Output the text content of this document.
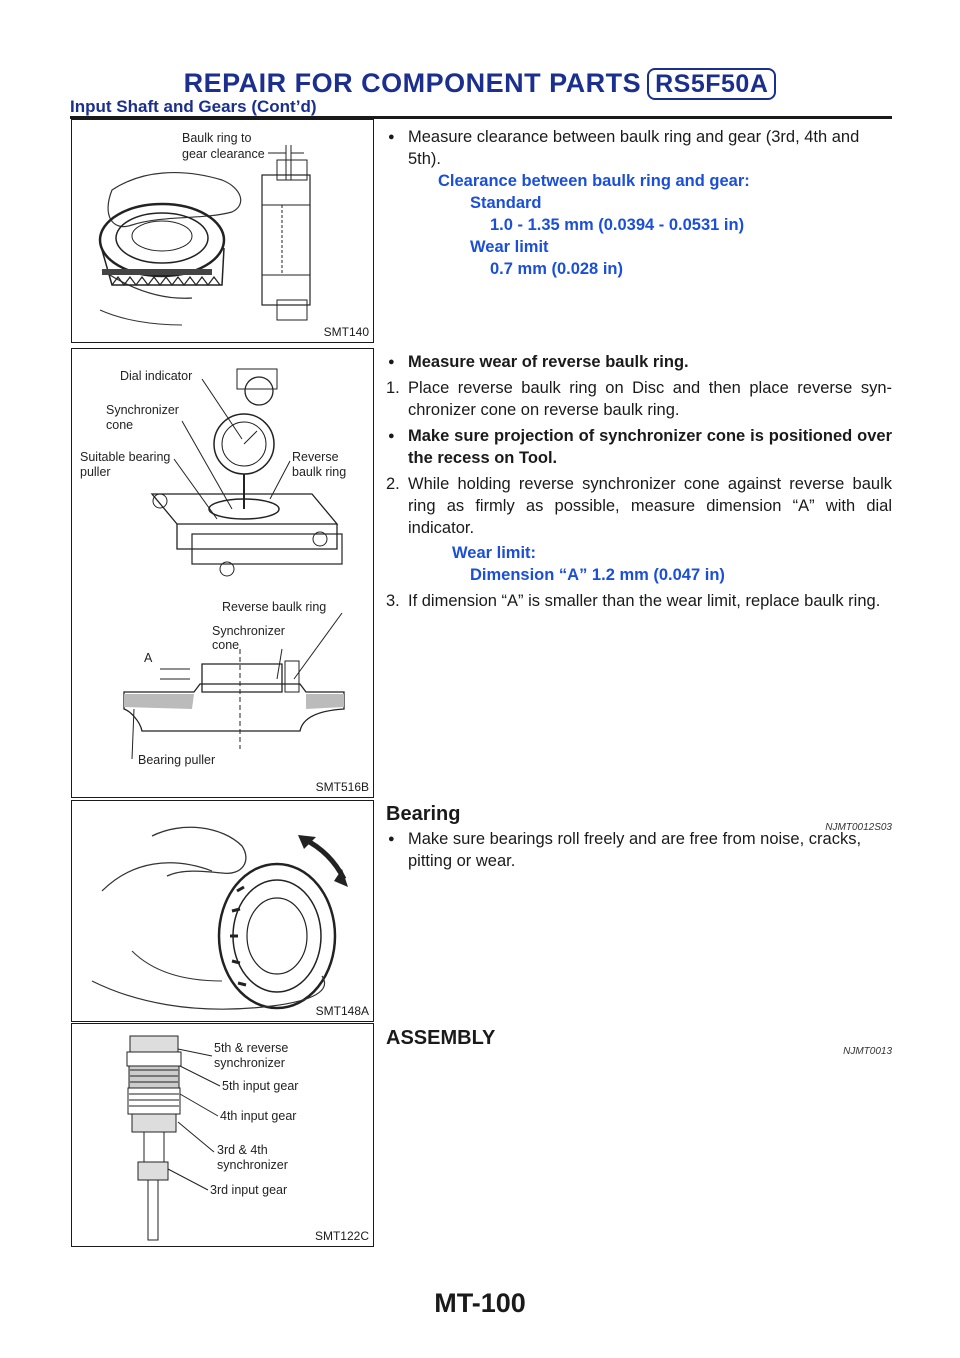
REPAIR FOR COMPONENT PARTS RS5F50A
Input Shaft and Gears (Cont’d)
Baulk ring to
gear clearance
SMT140
Dial indicator
Synchronizer
cone
Suitable bearing
puller
Reverse
baulk ring
Reverse baulk ring
Synchronizer
cone
A
Bearing puller
SMT516B
SMT148A
5th & reverse
synchronizer
5th input gear
4th input gear
3rd & 4th
synchronizer
3rd input gear
SMT122C
● Measure clearance between baulk ring and gear (3rd, 4th and 5th).
Clearance between baulk ring and gear:
Standard
1.0 - 1.35 mm (0.0394 - 0.0531 in)
Wear limit
0.7 mm (0.028 in)
● Measure wear of reverse baulk ring.
1. Place reverse baulk ring on Disc and then place reverse syn-chronizer cone on reverse baulk ring.
● Make sure projection of synchronizer cone is positioned over the recess on Tool.
2. While holding reverse synchronizer cone against reverse baulk ring as firmly as possible, measure dimension “A” with dial indicator.
Wear limit:
Dimension “A” 1.2 mm (0.047 in)
3. If dimension “A” is smaller than the wear limit, replace baulk ring.
Bearing
NJMT0012S03
● Make sure bearings roll freely and are free from noise, cracks, pitting or wear.
ASSEMBLY
NJMT0013
MT-100
